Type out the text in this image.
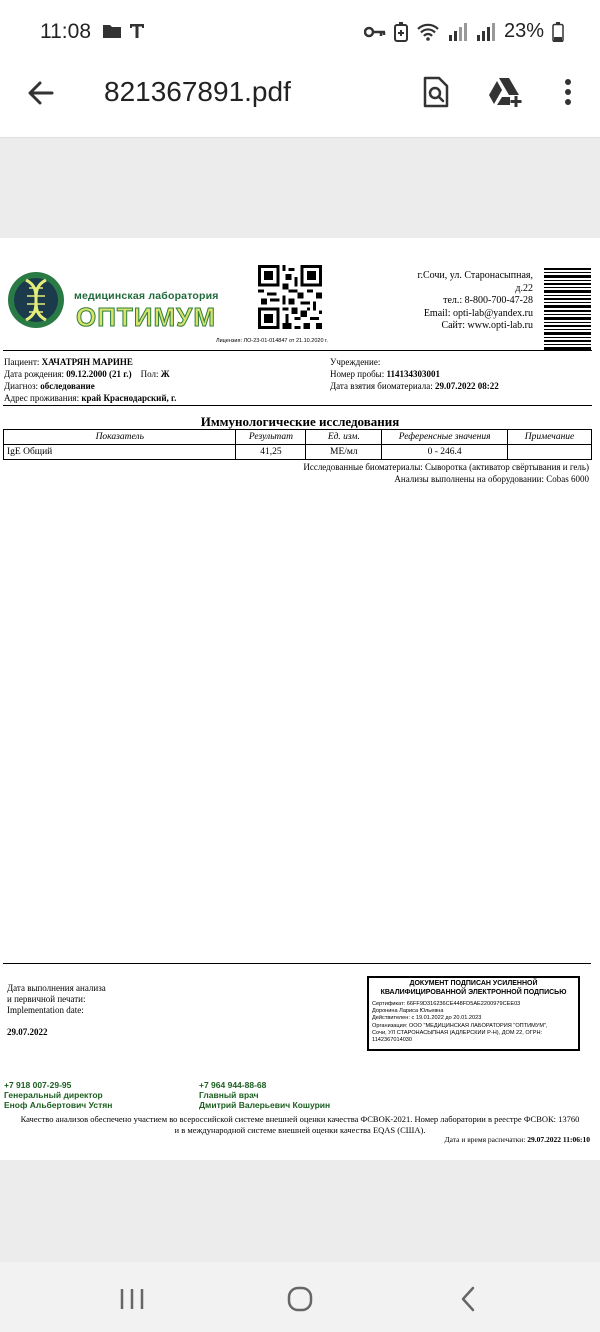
11:08	23%
821367891.pdf
медицинская лаборатория
ОПТИМУМ
Лицензия: ЛО-23-01-014847 от 21.10.2020 г.
г.Сочи, ул. Старонасыпная,
д.22
тел.: 8-800-700-47-28
Email: opti-lab@yandex.ru
Сайт: www.opti-lab.ru
Пациент: ХАЧАТРЯН МАРИНЕ
Дата рождения: 09.12.2000 (21 г.) Пол: Ж
Диагноз: обследование
Адрес проживания: край Краснодарский, г.
Учреждение:
Номер пробы: 114134303001
Дата взятия биоматериала: 29.07.2022 08:22
Иммунологические исследования
Показатель	Результат	Ед. изм.	Референсные значения	Примечание
IgE Общий	41,25	МЕ/мл	0 - 246.4	
Исследованные биоматериалы: Сыворотка (активатор свёртывания и гель)
Анализы выполнены на оборудовании: Cobas 6000
Дата выполнения анализа
и первичной печати:
Implementation date:
29.07.2022
ДОКУМЕНТ ПОДПИСАН УСИЛЕННОЙ
КВАЛИФИЦИРОВАННОЙ ЭЛЕКТРОННОЙ ПОДПИСЬЮ
Сертификат: 66FF9D316236CE448FD5AE2200979CEE03
Доронина Лариса Юльевна
Действителен: с 19.01.2022 до 20.01.2023
Организация: ООО "МЕДИЦИНСКАЯ ЛАБОРАТОРИЯ "ОПТИМУМ",
Сочи, УЛ СТАРОНАСЫПНАЯ (АДЛЕРСКИЙ Р-Н), ДОМ 22, ОГРН:
1142367014030
+7 918 007-29-95
Генеральный директор
Еноф Альбертович Устян
+7 964 944-88-68
Главный врач
Дмитрий Валерьевич Кошурин
Качество анализов обеспечено участием во всероссийской системе внешней оценки качества ФСВОК-2021. Номер лаборатории в реестре ФСВОК: 13760
и в международной системе внешней оценки качества EQAS (США).
Дата и время распечатки: 29.07.2022 11:06:10
